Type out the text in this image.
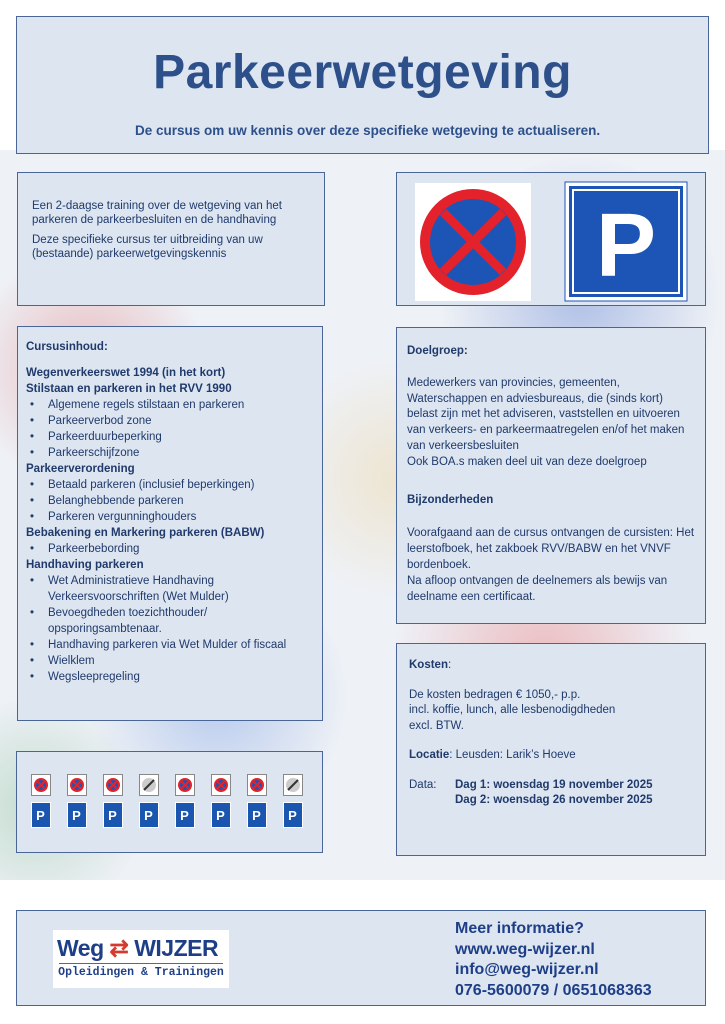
Parkeerwetgeving
De cursus om uw kennis over deze specifieke wetgeving te actualiseren.

Een 2-daagse training over de wetgeving van het parkeren de parkeerbesluiten en de handhaving

Deze specifieke cursus ter uitbreiding van uw (bestaande) parkeerwetgevingskennis	P
Cursusinhoud:
Wegenverkeerswet 1994 (in het kort)
Stilstaan en parkeren in het RVV 1990
• Algemene regels stilstaan en parkeren
• Parkeerverbod zone
• Parkeerduurbeperking
• Parkeerschijfzone
Parkeerverordening
• Betaald parkeren (inclusief beperkingen)
• Belanghebbende parkeren
• Parkeren vergunninghouders
Bebakening en Markering parkeren (BABW)
• Parkeerbebording
Handhaving parkeren
• Wet Administratieve Handhaving Verkeersvoorschriften (Wet Mulder)
• Bevoegdheden toezichthouder/ opsporingsambtenaar.
• Handhaving parkeren via Wet Mulder of fiscaal
• Wielklem
• Wegsleepregeling

Doelgroep:

Medewerkers van provincies, gemeenten, Waterschappen en adviesbureaus, die (sinds kort) belast zijn met het adviseren, vaststellen en uitvoeren van verkeers- en parkeermaatregelen en/of het maken van verkeersbesluiten

Ook BOA.s maken deel uit van deze doelgroep

Bijzonderheden

Voorafgaand aan de cursus ontvangen de cursisten: Het leerstofboek, het zakboek RVV/BABW en het VNVF bordenboek.

Na afloop ontvangen de deelnemers als bewijs van deelname een certificaat.

Kosten:

De kosten bedragen € 1050,- p.p.

incl. koffie, lunch, alle lesbenodigdheden

excl. BTW.

Locatie: Leusden: Larik’s Hoeve

Data:	Dag 1: woensdag 19 november 2025
Dag 2: woensdag 26 november 2025
P	P	P	P	P	P	P	P
Weg ⇄ WIJZER
Opleidingen & Trainingen
Meer informatie?
www.weg-wijzer.nl
info@weg-wijzer.nl
076-5600079 / 0651068363
